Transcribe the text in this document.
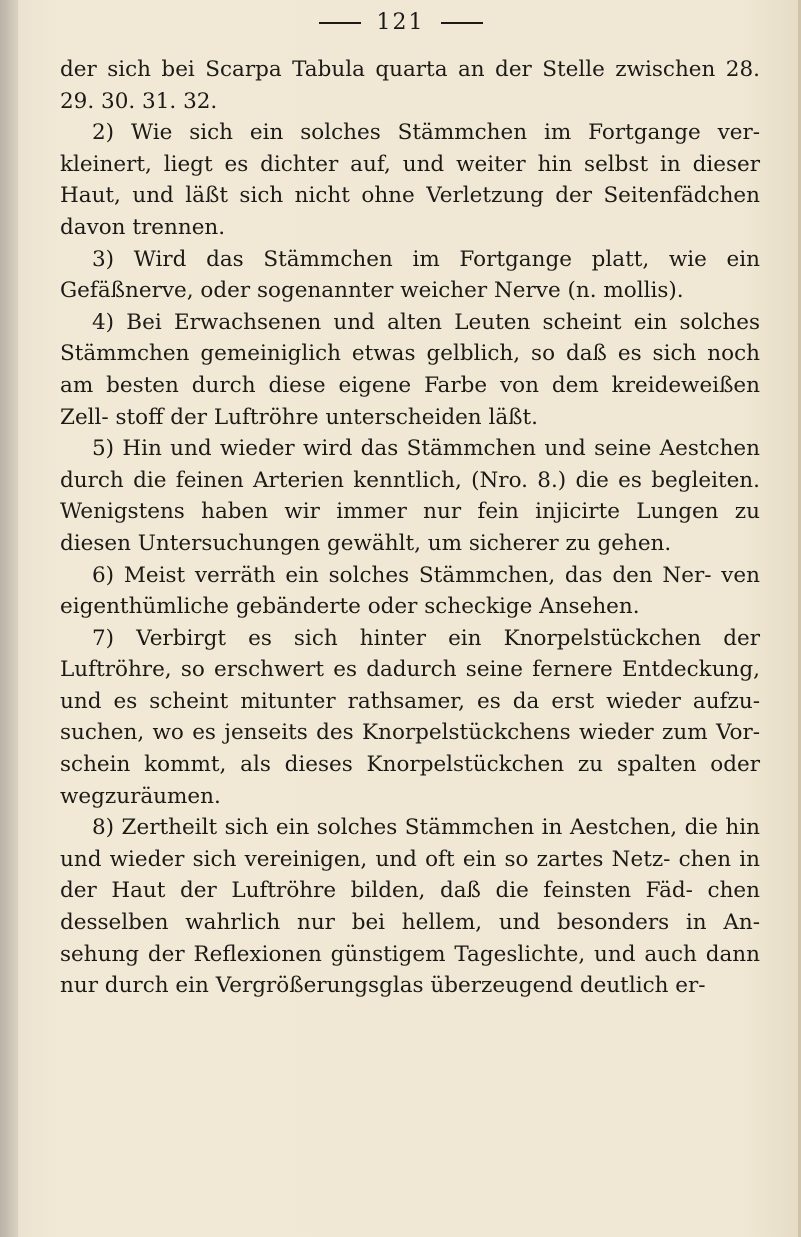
121

der sich bei Scarpa Tabula quarta an der Stelle zwischen 28. 29. 30. 31. 32.

2) Wie sich ein solches Stämmchen im Fortgange ver- kleinert, liegt es dichter auf, und weiter hin selbst in dieser Haut, und läßt sich nicht ohne Verletzung der Seitenfädchen davon trennen.

3) Wird das Stämmchen im Fortgange platt, wie ein Gefäßnerve, oder sogenannter weicher Nerve (n. mollis).

4) Bei Erwachsenen und alten Leuten scheint ein solches Stämmchen gemeiniglich etwas gelblich, so daß es sich noch am besten durch diese eigene Farbe von dem kreideweißen Zell- stoff der Luftröhre unterscheiden läßt.

5) Hin und wieder wird das Stämmchen und seine Aestchen durch die feinen Arterien kenntlich, (Nro. 8.) die es begleiten. Wenigstens haben wir immer nur fein injicirte Lungen zu diesen Untersuchungen gewählt, um sicherer zu gehen.

6) Meist verräth ein solches Stämmchen, das den Ner- ven eigenthümliche gebänderte oder scheckige Ansehen.

7) Verbirgt es sich hinter ein Knorpelstückchen der Luftröhre, so erschwert es dadurch seine fernere Entdeckung, und es scheint mitunter rathsamer, es da erst wieder aufzu- suchen, wo es jenseits des Knorpelstückchens wieder zum Vor- schein kommt, als dieses Knorpelstückchen zu spalten oder wegzuräumen.

8) Zertheilt sich ein solches Stämmchen in Aestchen, die hin und wieder sich vereinigen, und oft ein so zartes Netz- chen in der Haut der Luftröhre bilden, daß die feinsten Fäd- chen desselben wahrlich nur bei hellem, und besonders in An- sehung der Reflexionen günstigem Tageslichte, und auch dann nur durch ein Vergrößerungsglas überzeugend deutlich er-
